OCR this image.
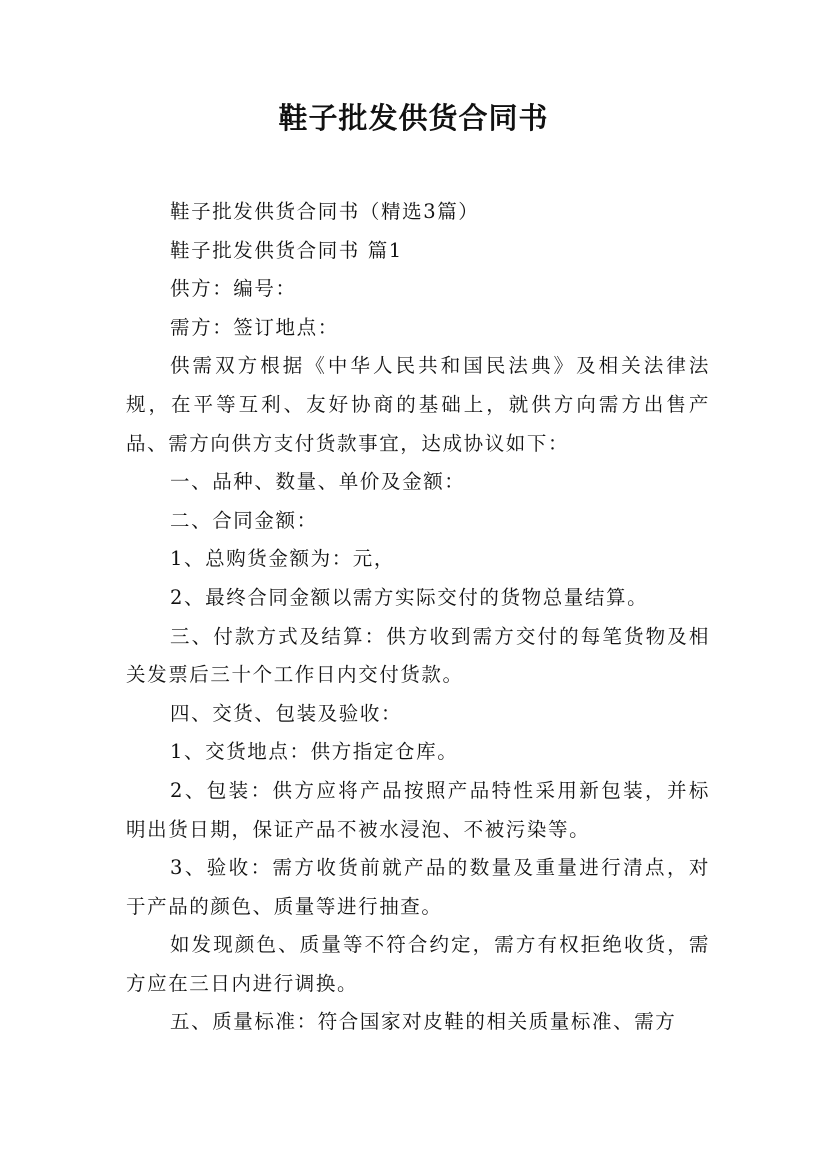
鞋子批发供货合同书

鞋子批发供货合同书（精选3篇）

鞋子批发供货合同书 篇1

供方：编号：

需方：签订地点：

供需双方根据《中华人民共和国民法典》及相关法律法规，在平等互利、友好协商的基础上，就供方向需方出售产品、需方向供方支付货款事宜，达成协议如下：

一、品种、数量、单价及金额：

二、合同金额：

1、总购货金额为：元，

2、最终合同金额以需方实际交付的货物总量结算。

三、付款方式及结算：供方收到需方交付的每笔货物及相关发票后三十个工作日内交付货款。

四、交货、包装及验收：

1、交货地点：供方指定仓库。

2、包装：供方应将产品按照产品特性采用新包装，并标明出货日期，保证产品不被水浸泡、不被污染等。

3、验收：需方收货前就产品的数量及重量进行清点，对于产品的颜色、质量等进行抽查。

如发现颜色、质量等不符合约定，需方有权拒绝收货，需方应在三日内进行调换。

五、质量标准：符合国家对皮鞋的相关质量标准、需方
